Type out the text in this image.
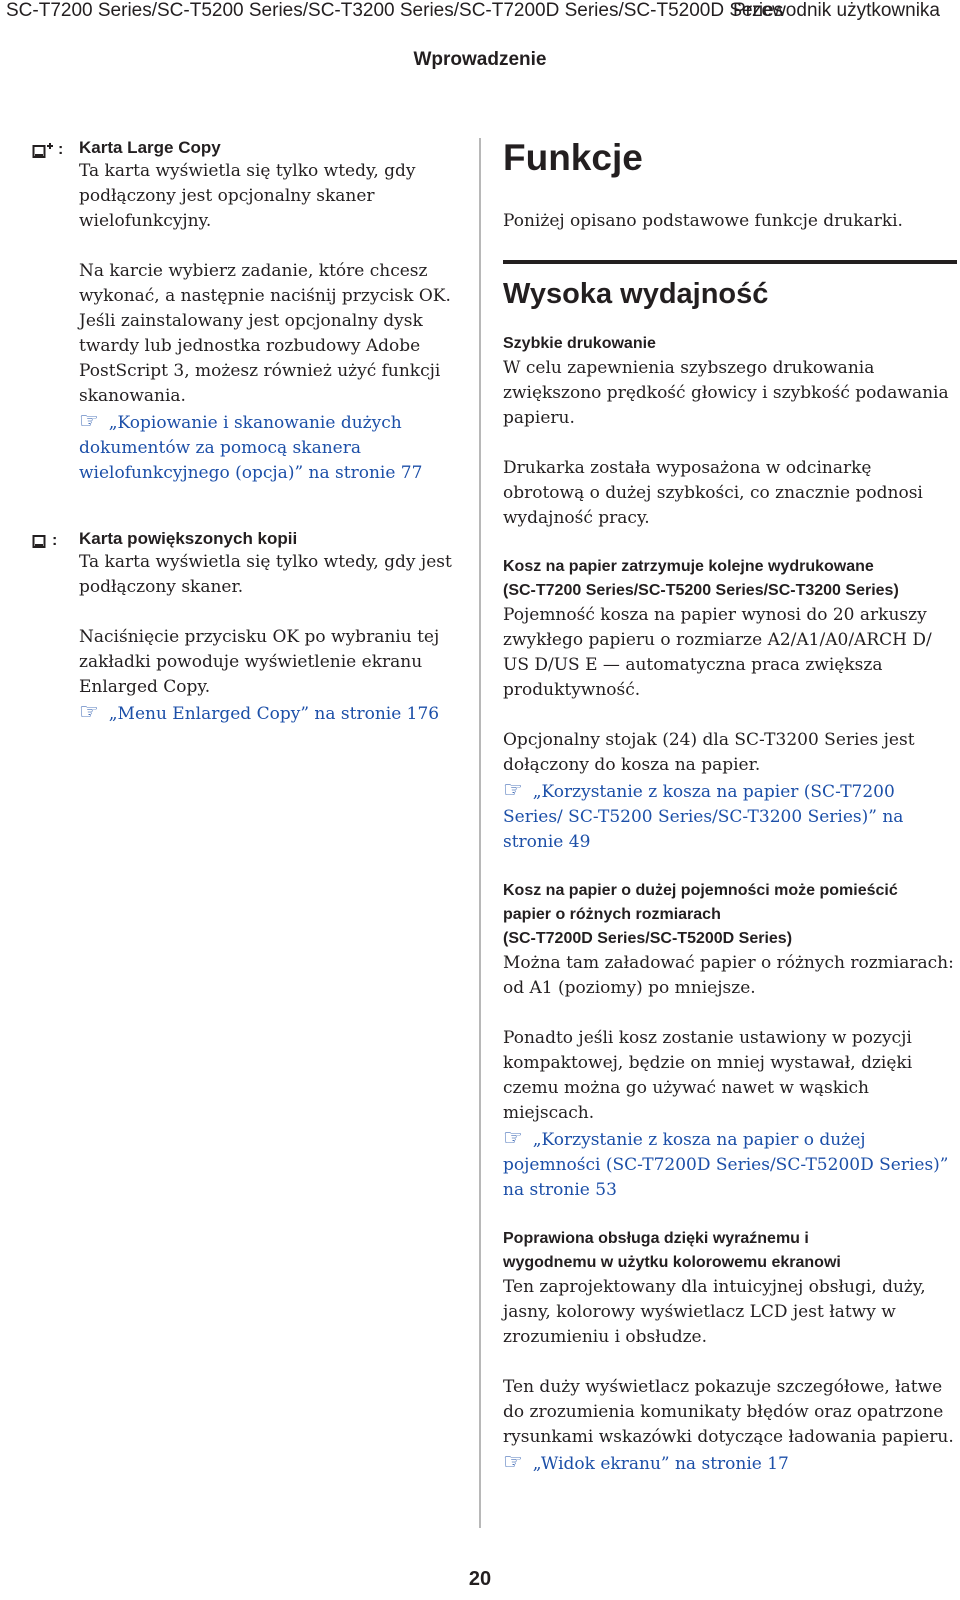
SC-T7200 Series/SC-T5200 Series/SC-T3200 Series/SC-T7200D Series/SC-T5200D Series
Przewodnik użytkownika
Wprowadzenie
: Karta Large Copy

Ta karta wyświetla się tylko wtedy, gdy podłączony jest opcjonalny skaner wielofunkcyjny.

Na karcie wybierz zadanie, które chcesz wykonać, a następnie naciśnij przycisk OK. Jeśli zainstalowany jest opcjonalny dysk twardy lub jednostka rozbudowy Adobe PostScript 3, możesz również użyć funkcji skanowania.

☞ „Kopiowanie i skanowanie dużych dokumentów za pomocą skanera wielofunkcyjnego (opcja)” na stronie 77

: Karta powiększonych kopii

Ta karta wyświetla się tylko wtedy, gdy jest podłączony skaner.

Naciśnięcie przycisku OK po wybraniu tej zakładki powoduje wyświetlenie ekranu Enlarged Copy.

☞ „Menu Enlarged Copy” na stronie 176

Funkcje

Poniżej opisano podstawowe funkcje drukarki.

Wysoka wydajność

Szybkie drukowanie

W celu zapewnienia szybszego drukowania zwiększono prędkość głowicy i szybkość podawania papieru.

Drukarka została wyposażona w odcinarkę obrotową o dużej szybkości, co znacznie podnosi wydajność pracy.

Kosz na papier zatrzymuje kolejne wydrukowane

(SC-T7200 Series/SC-T5200 Series/SC-T3200 Series)

Pojemność kosza na papier wynosi do 20 arkuszy zwykłego papieru o rozmiarze A2/A1/A0/ARCH D/ US D/US E — automatyczna praca zwiększa produktywność.

Opcjonalny stojak (24) dla SC-T3200 Series jest dołączony do kosza na papier.

☞ „Korzystanie z kosza na papier (SC-T7200 Series/ SC-T5200 Series/SC-T3200 Series)” na stronie 49

Kosz na papier o dużej pojemności może pomieścić

papier o różnych rozmiarach

(SC-T7200D Series/SC-T5200D Series)

Można tam załadować papier o różnych rozmiarach: od A1 (poziomy) po mniejsze.

Ponadto jeśli kosz zostanie ustawiony w pozycji kompaktowej, będzie on mniej wystawał, dzięki czemu można go używać nawet w wąskich miejscach.

☞ „Korzystanie z kosza na papier o dużej pojemności (SC-T7200D Series/SC-T5200D Series)” na stronie 53

Poprawiona obsługa dzięki wyraźnemu i

wygodnemu w użytku kolorowemu ekranowi

Ten zaprojektowany dla intuicyjnej obsługi, duży, jasny, kolorowy wyświetlacz LCD jest łatwy w zrozumieniu i obsłudze.

Ten duży wyświetlacz pokazuje szczegółowe, łatwe do zrozumienia komunikaty błędów oraz opatrzone rysunkami wskazówki dotyczące ładowania papieru.

☞ „Widok ekranu” na stronie 17

20
